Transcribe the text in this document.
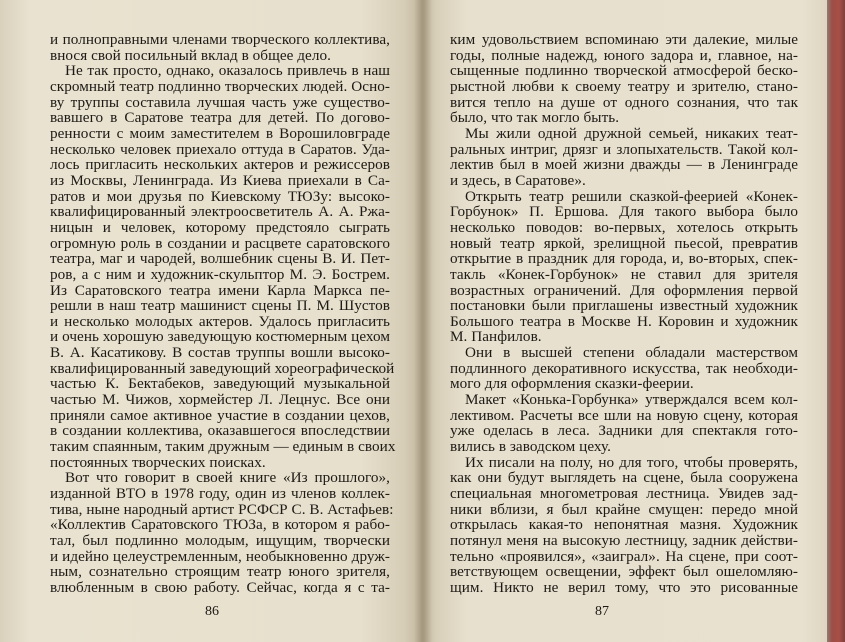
и полноправными членами творческого коллектива,
внося свой посильный вклад в общее дело.
Не так просто, однако, оказалось привлечь в наш
скромный театр подлинно творческих людей. Осно-
ву труппы составила лучшая часть уже существо-
вавшего в Саратове театра для детей. По догово-
ренности с моим заместителем в Ворошиловграде
несколько человек приехало оттуда в Саратов. Уда-
лось пригласить нескольких актеров и режиссеров
из Москвы, Ленинграда. Из Киева приехали в Са-
ратов и мои друзья по Киевскому ТЮЗу: высоко-
квалифицированный электроосветитель А. А. Ржа-
ницын и человек, которому предстояло сыграть
огромную роль в создании и расцвете саратовского
театра, маг и чародей, волшебник сцены В. И. Пет-
ров, а с ним и художник-скульптор М. Э. Бострем.
Из Саратовского театра имени Карла Маркса пе-
решли в наш театр машинист сцены П. М. Шустов
и несколько молодых актеров. Удалось пригласить
и очень хорошую заведующую костюмерным цехом
В. А. Касатикову. В состав труппы вошли высоко-
квалифицированный заведующий хореографической
частью К. Бектабеков, заведующий музыкальной
частью М. Чижов, хормейстер Л. Лецнус. Все они
приняли самое активное участие в создании цехов,
в создании коллектива, оказавшегося впоследствии
таким спаянным, таким дружным — единым в своих
постоянных творческих поисках.
Вот что говорит в своей книге «Из прошлого»,
изданной ВТО в 1978 году, один из членов коллек-
тива, ныне народный артист РСФСР С. В. Астафьев:
«Коллектив Саратовского ТЮЗа, в котором я рабо-
тал, был подлинно молодым, ищущим, творчески
и идейно целеустремленным, необыкновенно друж-
ным, сознательно строящим театр юного зрителя,
влюбленным в свою работу. Сейчас, когда я с та-
86
ким удовольствием вспоминаю эти далекие, милые
годы, полные надежд, юного задора и, главное, на-
сыщенные подлинно творческой атмосферой беско-
рыстной любви к своему театру и зрителю, стано-
вится тепло на душе от одного сознания, что так
было, что так могло быть.
Мы жили одной дружной семьей, никаких теат-
ральных интриг, дрязг и злопыхательств. Такой кол-
лектив был в моей жизни дважды — в Ленинграде
и здесь, в Саратове».
Открыть театр решили сказкой-феерией «Конек-
Горбунок» П. Ершова. Для такого выбора было
несколько поводов: во-первых, хотелось открыть
новый театр яркой, зрелищной пьесой, превратив
открытие в праздник для города, и, во-вторых, спек-
такль «Конек-Горбунок» не ставил для зрителя
возрастных ограничений. Для оформления первой
постановки были приглашены известный художник
Большого театра в Москве Н. Коровин и художник
М. Панфилов.
Они в высшей степени обладали мастерством
подлинного декоративного искусства, так необходи-
мого для оформления сказки-феерии.
Макет «Конька-Горбунка» утверждался всем кол-
лективом. Расчеты все шли на новую сцену, которая
уже оделась в леса. Задники для спектакля гото-
вились в заводском цеху.
Их писали на полу, но для того, чтобы проверять,
как они будут выглядеть на сцене, была сооружена
специальная многометровая лестница. Увидев зад-
ники вблизи, я был крайне смущен: передо мной
открылась какая-то непонятная мазня. Художник
потянул меня на высокую лестницу, задник действи-
тельно «проявился», «заиграл». На сцене, при соот-
ветствующем освещении, эффект был ошеломляю-
щим. Никто не верил тому, что это рисованные
87
